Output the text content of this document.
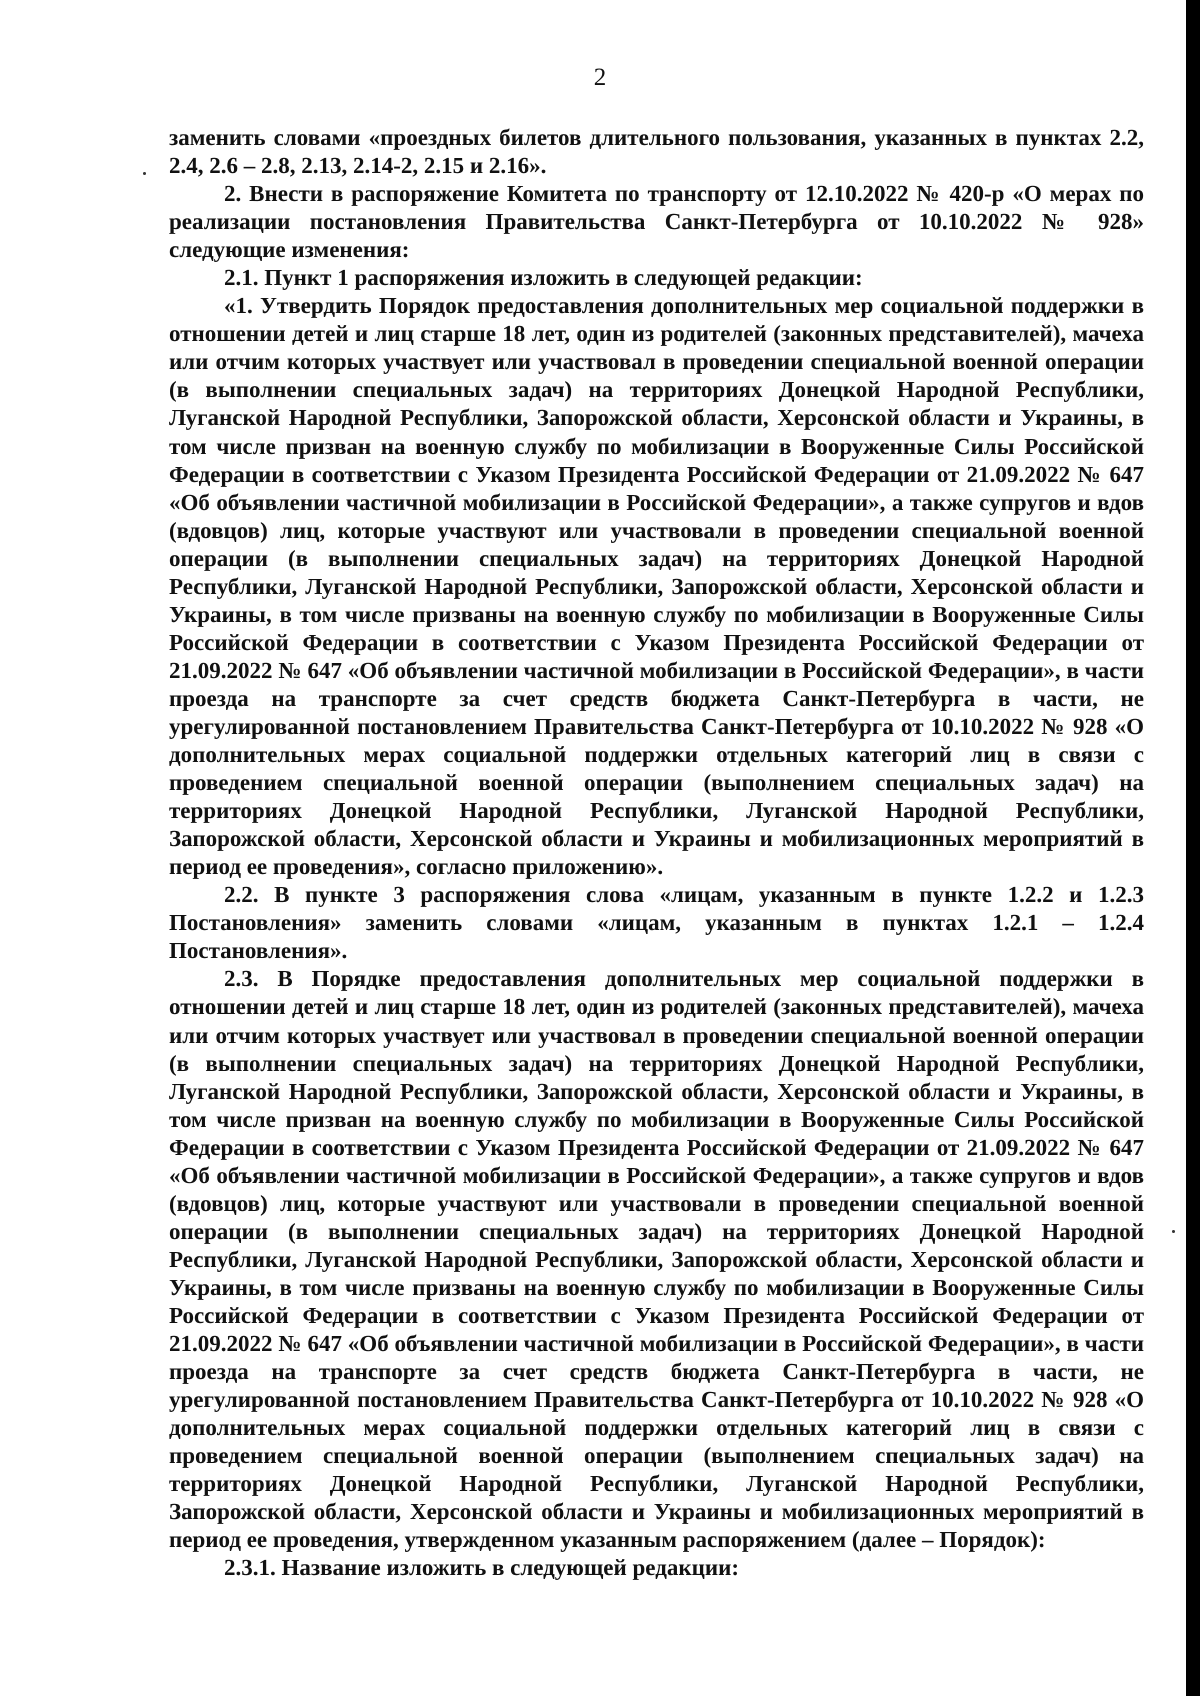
2

заменить словами «проездных билетов длительного пользования, указанных в пунктах 2.2, 2.4, 2.6 – 2.8, 2.13, 2.14-2, 2.15 и 2.16».

2. Внести в распоряжение Комитета по транспорту от 12.10.2022 № 420-р «О мерах по реализации постановления Правительства Санкт-Петербурга от 10.10.2022 № 928» следующие изменения:

2.1. Пункт 1 распоряжения изложить в следующей редакции:

«1. Утвердить Порядок предоставления дополнительных мер социальной поддержки в отношении детей и лиц старше 18 лет, один из родителей (законных представителей), мачеха или отчим которых участвует или участвовал в проведении специальной военной операции (в выполнении специальных задач) на территориях Донецкой Народной Республики, Луганской Народной Республики, Запорожской области, Херсонской области и Украины, в том числе призван на военную службу по мобилизации в Вооруженные Силы Российской Федерации в соответствии с Указом Президента Российской Федерации от 21.09.2022 № 647 «Об объявлении частичной мобилизации в Российской Федерации», а также супругов и вдов (вдовцов) лиц, которые участвуют или участвовали в проведении специальной военной операции (в выполнении специальных задач) на территориях Донецкой Народной Республики, Луганской Народной Республики, Запорожской области, Херсонской области и Украины, в том числе призваны на военную службу по мобилизации в Вооруженные Силы Российской Федерации в соответствии с Указом Президента Российской Федерации от 21.09.2022 № 647 «Об объявлении частичной мобилизации в Российской Федерации», в части проезда на транспорте за счет средств бюджета Санкт-Петербурга в части, не урегулированной постановлением Правительства Санкт-Петербурга от 10.10.2022 № 928 «О дополнительных мерах социальной поддержки отдельных категорий лиц в связи с проведением специальной военной операции (выполнением специальных задач) на территориях Донецкой Народной Республики, Луганской Народной Республики, Запорожской области, Херсонской области и Украины и мобилизационных мероприятий в период ее проведения», согласно приложению».

2.2. В пункте 3 распоряжения слова «лицам, указанным в пункте 1.2.2 и 1.2.3 Постановления» заменить словами «лицам, указанным в пунктах 1.2.1 – 1.2.4 Постановления».

2.3. В Порядке предоставления дополнительных мер социальной поддержки в отношении детей и лиц старше 18 лет, один из родителей (законных представителей), мачеха или отчим которых участвует или участвовал в проведении специальной военной операции (в выполнении специальных задач) на территориях Донецкой Народной Республики, Луганской Народной Республики, Запорожской области, Херсонской области и Украины, в том числе призван на военную службу по мобилизации в Вооруженные Силы Российской Федерации в соответствии с Указом Президента Российской Федерации от 21.09.2022 № 647 «Об объявлении частичной мобилизации в Российской Федерации», а также супругов и вдов (вдовцов) лиц, которые участвуют или участвовали в проведении специальной военной операции (в выполнении специальных задач) на территориях Донецкой Народной Республики, Луганской Народной Республики, Запорожской области, Херсонской области и Украины, в том числе призваны на военную службу по мобилизации в Вооруженные Силы Российской Федерации в соответствии с Указом Президента Российской Федерации от 21.09.2022 № 647 «Об объявлении частичной мобилизации в Российской Федерации», в части проезда на транспорте за счет средств бюджета Санкт-Петербурга в части, не урегулированной постановлением Правительства Санкт-Петербурга от 10.10.2022 № 928 «О дополнительных мерах социальной поддержки отдельных категорий лиц в связи с проведением специальной военной операции (выполнением специальных задач) на территориях Донецкой Народной Республики, Луганской Народной Республики, Запорожской области, Херсонской области и Украины и мобилизационных мероприятий в период ее проведения, утвержденном указанным распоряжением (далее – Порядок):

2.3.1. Название изложить в следующей редакции:
